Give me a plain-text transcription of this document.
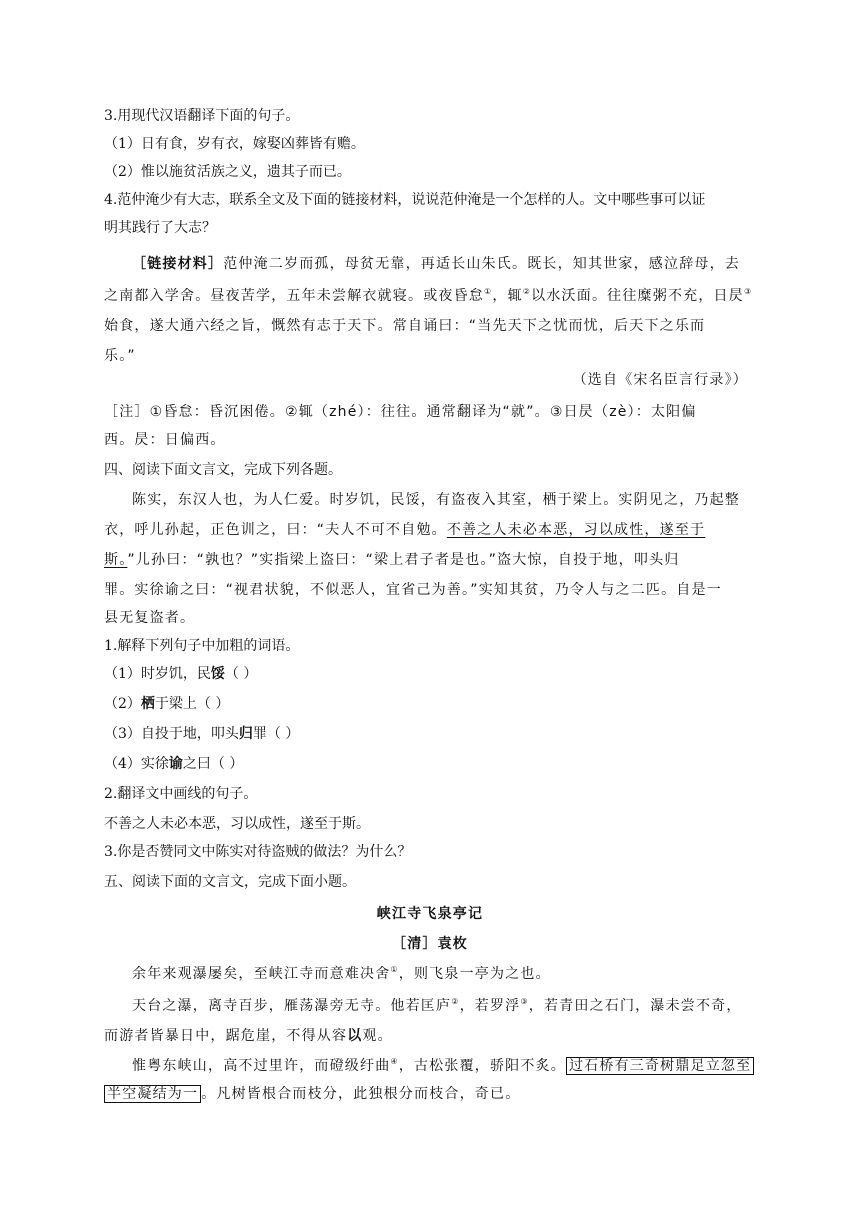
3.用现代汉语翻译下面的句子。
（1）日有食，岁有衣，嫁娶凶葬皆有赡。
（2）惟以施贫活族之义，遗其子而已。
4.范仲淹少有大志，联系全文及下面的链接材料，说说范仲淹是一个怎样的人。文中哪些事可以证
明其践行了大志？
［链接材料］范仲淹二岁而孤，母贫无靠，再适长山朱氏。既长，知其世家，感泣辞母，去
之南都入学舍。昼夜苦学，五年未尝解衣就寝。或夜昏怠①，辄②以水沃面。往往糜粥不充，日昃③
始食，遂大通六经之旨，慨然有志于天下。常自诵曰：“当先天下之忧而忧，后天下之乐而
乐。”
（选自《宋名臣言行录》）
［注］①昏怠：昏沉困倦。②辄（zhé）：往往。通常翻译为“就”。③日昃（zè）：太阳偏
西。昃：日偏西。
四、阅读下面文言文，完成下列各题。
陈实，东汉人也，为人仁爱。时岁饥，民馁，有盗夜入其室，栖于梁上。实阴见之，乃起整
衣，呼儿孙起，正色训之，曰：“夫人不可不自勉。不善之人未必本恶，习以成性，遂至于
斯。”儿孙曰：“孰也？”实指梁上盗曰：“梁上君子者是也。”盗大惊，自投于地，叩头归
罪。实徐谕之曰：“视君状貌，不似恶人，宜省己为善。”实知其贫，乃令人与之二匹。自是一
县无复盗者。
1.解释下列句子中加粗的词语。
（1）时岁饥，民馁（ ）
（2）栖于梁上（ ）
（3）自投于地，叩头归罪（ ）
（4）实徐谕之曰（ ）
2.翻译文中画线的句子。
不善之人未必本恶，习以成性，遂至于斯。
3.你是否赞同文中陈实对待盗贼的做法？为什么？
五、阅读下面的文言文，完成下面小题。
峡江寺飞泉亭记
［清］袁枚
余年来观瀑屡矣，至峡江寺而意难决舍①，则飞泉一亭为之也。
天台之瀑，离寺百步，雁荡瀑旁无寺。他若匡庐②，若罗浮③，若青田之石门，瀑未尝不奇，
而游者皆暴日中，踞危崖，不得从容以观。
惟粤东峡山，高不过里许，而磴级纡曲④，古松张覆，骄阳不炙。 过石桥有三奇树鼎足立忽至
半空凝结为一 。凡树皆根合而枝分，此独根分而枝合，奇已。
